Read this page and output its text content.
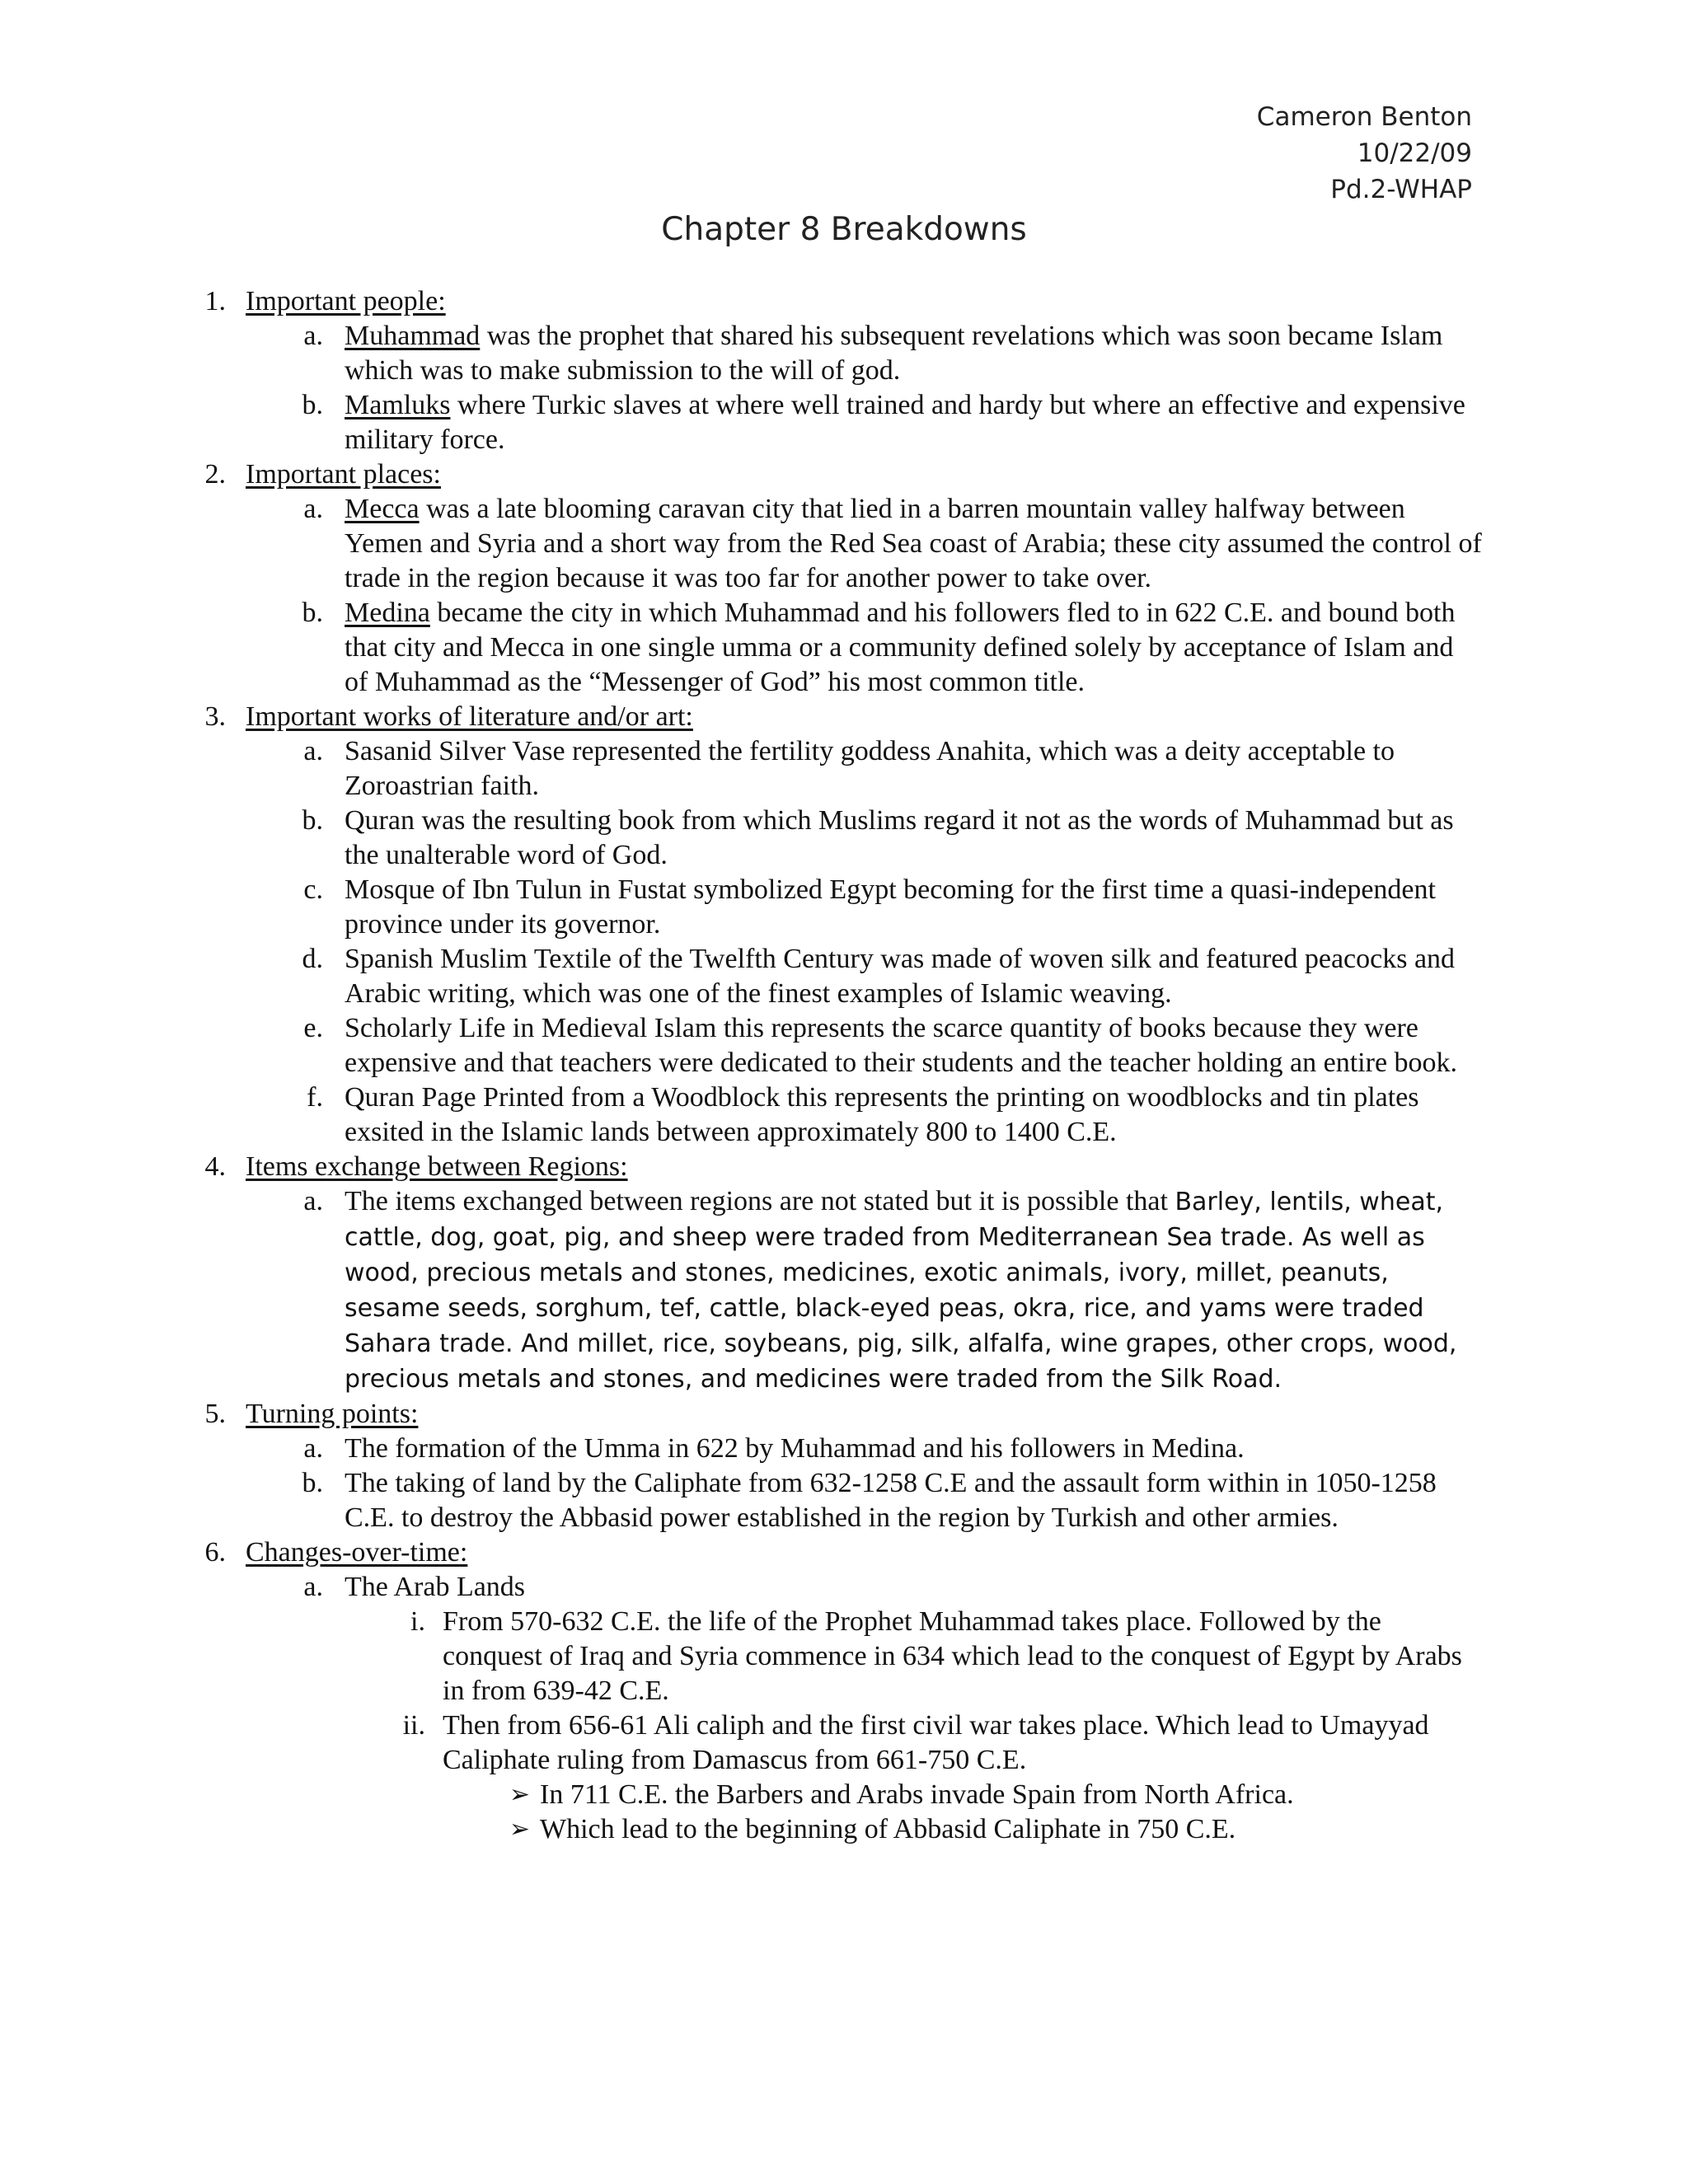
Cameron Benton
10/22/09
Pd.2-WHAP
Chapter 8 Breakdowns
1. Important people:
a. Muhammad was the prophet that shared his subsequent revelations which was soon became Islam which was to make submission to the will of god.
b. Mamluks where Turkic slaves at where well trained and hardy but where an effective and expensive military force.
2. Important places:
a. Mecca was a late blooming caravan city that lied in a barren mountain valley halfway between Yemen and Syria and a short way from the Red Sea coast of Arabia; these city assumed the control of trade in the region because it was too far for another power to take over.
b. Medina became the city in which Muhammad and his followers fled to in 622 C.E. and bound both that city and Mecca in one single umma or a community defined solely by acceptance of Islam and of Muhammad as the “Messenger of God” his most common title.
3. Important works of literature and/or art:
a. Sasanid Silver Vase represented the fertility goddess Anahita, which was a deity acceptable to Zoroastrian faith.
b. Quran was the resulting book from which Muslims regard it not as the words of Muhammad but as the unalterable word of God.
c. Mosque of Ibn Tulun in Fustat symbolized Egypt becoming for the first time a quasi-independent province under its governor.
d. Spanish Muslim Textile of the Twelfth Century was made of woven silk and featured peacocks and Arabic writing, which was one of the finest examples of Islamic weaving.
e. Scholarly Life in Medieval Islam this represents the scarce quantity of books because they were expensive and that teachers were dedicated to their students and the teacher holding an entire book.
f. Quran Page Printed from a Woodblock this represents the printing on woodblocks and tin plates exsited in the Islamic lands between approximately 800 to 1400 C.E.
4. Items exchange between Regions:
a. The items exchanged between regions are not stated but it is possible that Barley, lentils, wheat, cattle, dog, goat, pig, and sheep were traded from Mediterranean Sea trade. As well as wood, precious metals and stones, medicines, exotic animals, ivory, millet, peanuts, sesame seeds, sorghum, tef, cattle, black-eyed peas, okra, rice, and yams were traded Sahara trade. And millet, rice, soybeans, pig, silk, alfalfa, wine grapes, other crops, wood, precious metals and stones, and medicines were traded from the Silk Road.
5. Turning points:
a. The formation of the Umma in 622 by Muhammad and his followers in Medina.
b. The taking of land by the Caliphate from 632-1258 C.E and the assault form within in 1050-1258 C.E. to destroy the Abbasid power established in the region by Turkish and other armies.
6. Changes-over-time:
a. The Arab Lands
i. From 570-632 C.E. the life of the Prophet Muhammad takes place. Followed by the conquest of Iraq and Syria commence in 634 which lead to the conquest of Egypt by Arabs in from 639-42 C.E.
ii. Then from 656-61 Ali caliph and the first civil war takes place. Which lead to Umayyad Caliphate ruling from Damascus from 661-750 C.E.
➢ In 711 C.E. the Barbers and Arabs invade Spain from North Africa.
➢ Which lead to the beginning of Abbasid Caliphate in 750 C.E.
